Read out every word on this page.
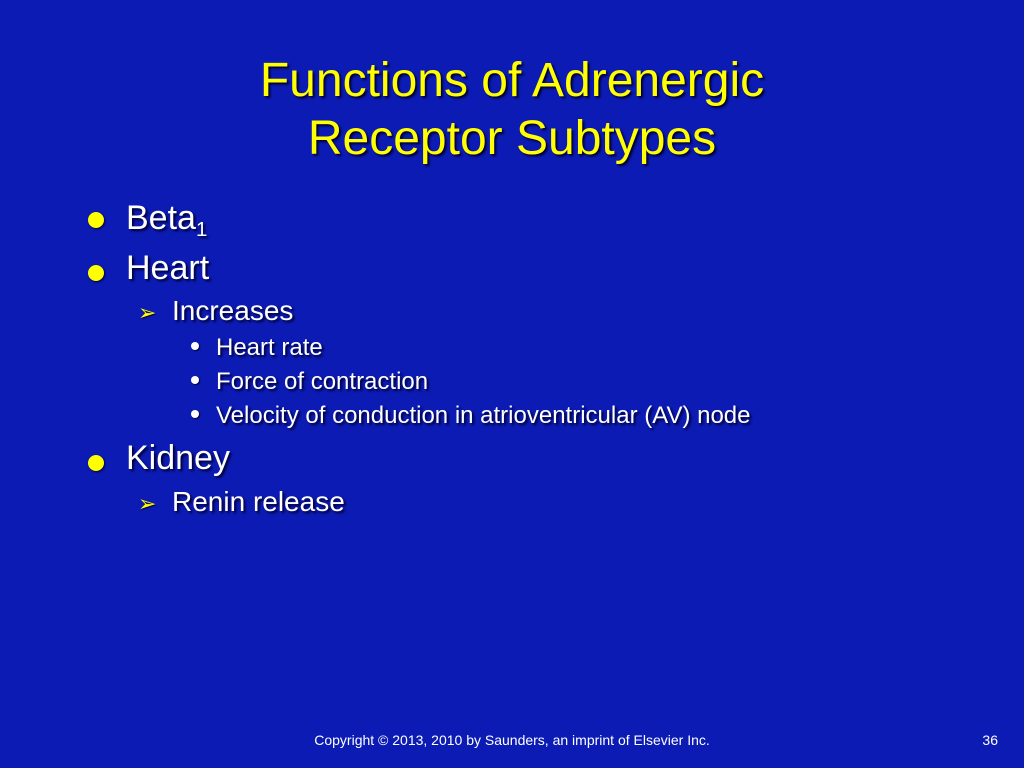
Functions of Adrenergic
Receptor Subtypes
Beta$_1$
Heart
➢ Increases
Heart rate
Force of contraction
Velocity of conduction in atrioventricular (AV) node
Kidney
➢ Renin release
Copyright © 2013, 2010 by Saunders, an imprint of Elsevier Inc.	36
